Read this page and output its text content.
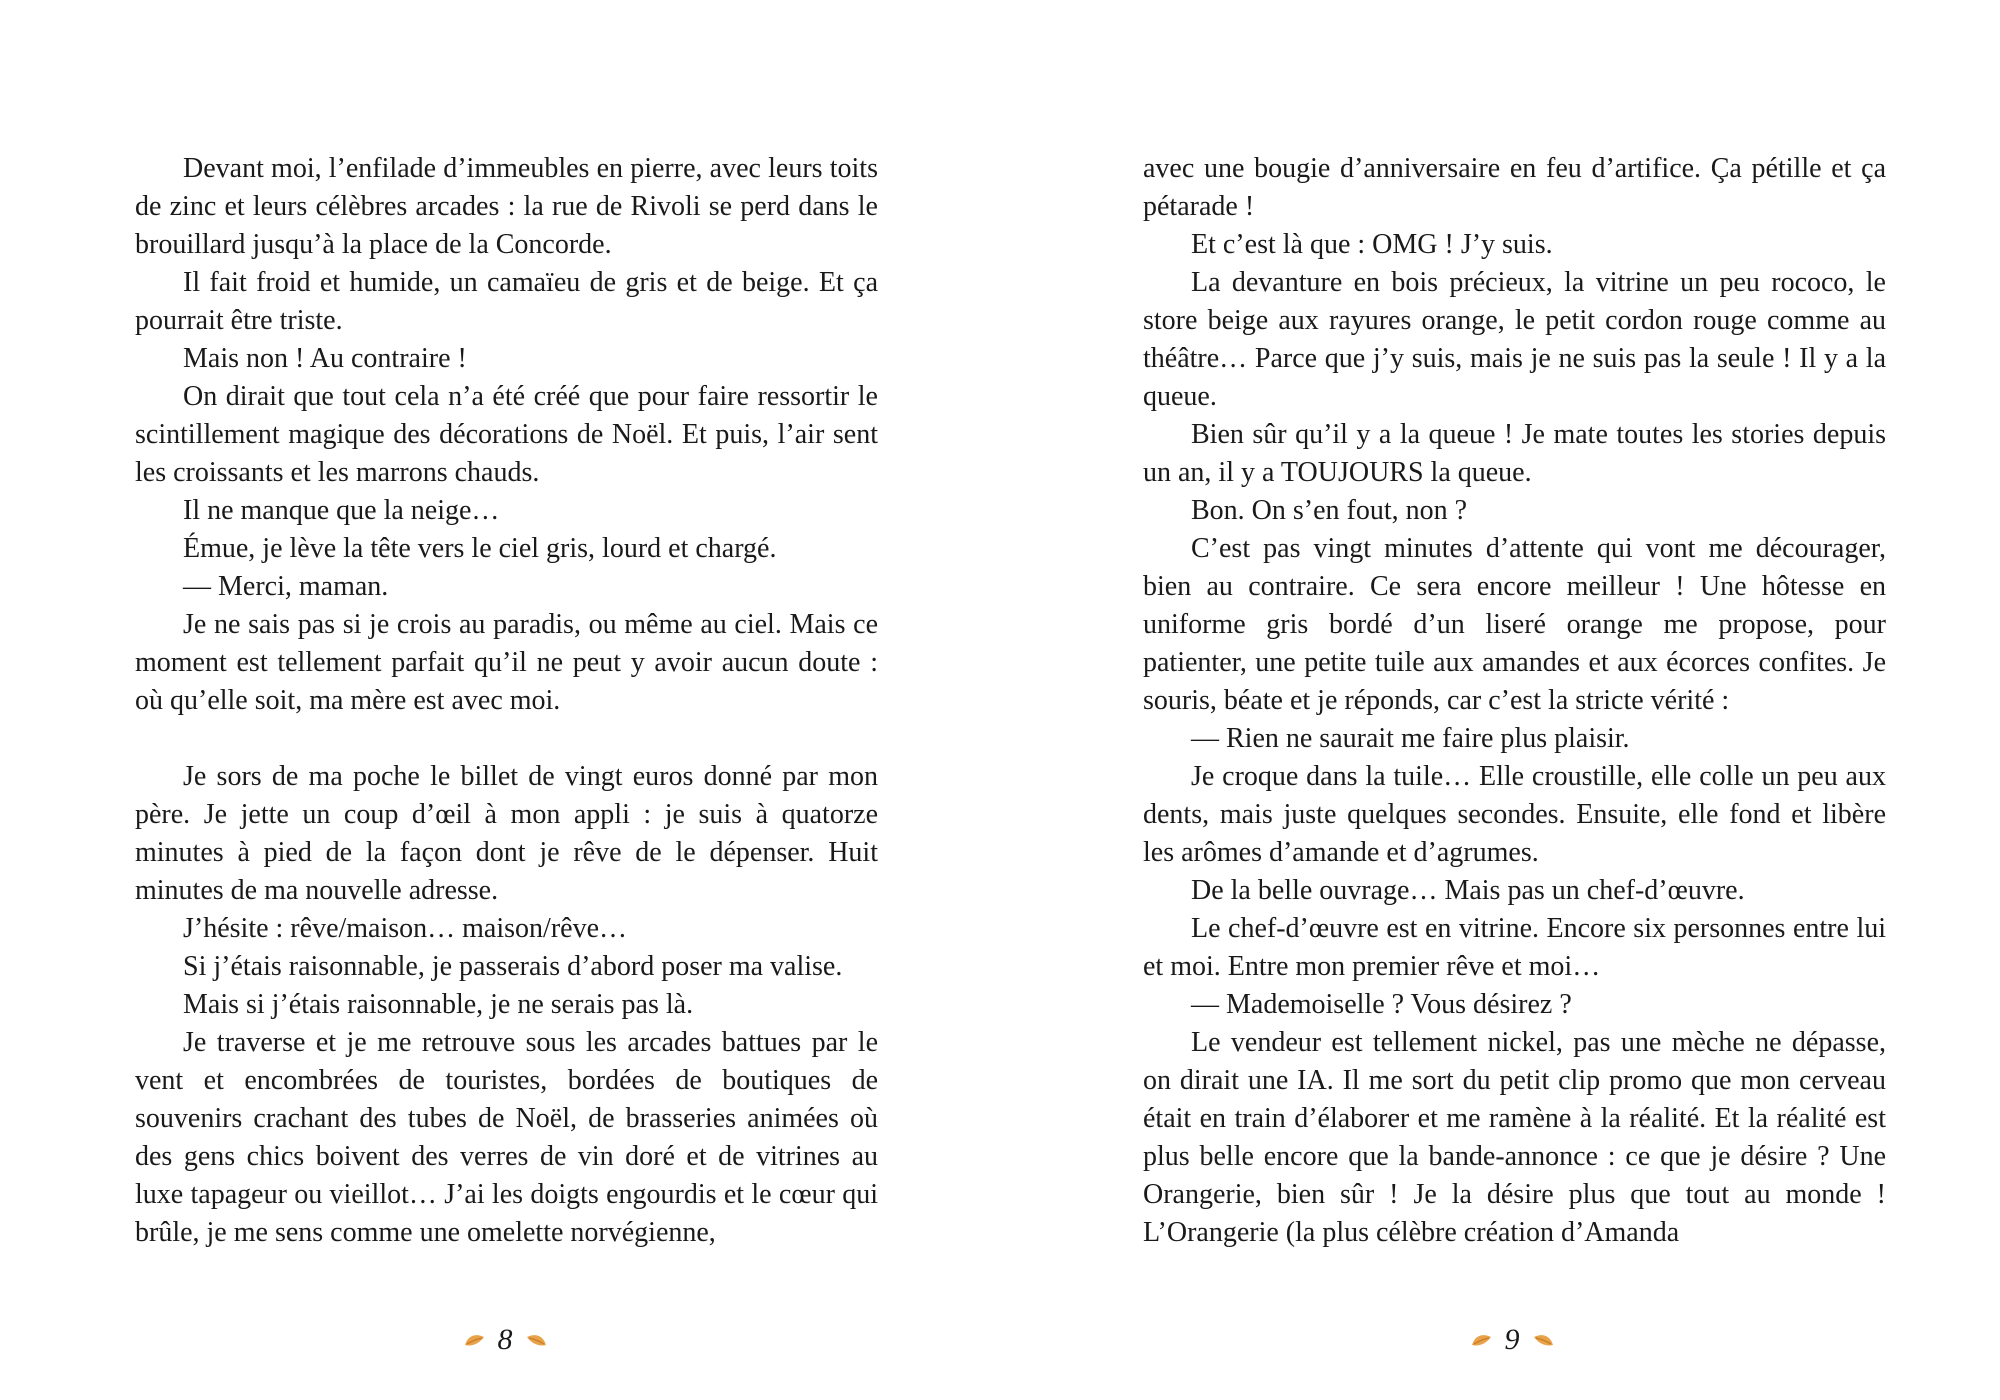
Devant moi, l’enfilade d’immeubles en pierre, avec leurs toits de zinc et leurs célèbres arcades : la rue de Rivoli se perd dans le brouillard jusqu’à la place de la Concorde.

Il fait froid et humide, un camaïeu de gris et de beige. Et ça pourrait être triste.

Mais non ! Au contraire !

On dirait que tout cela n’a été créé que pour faire ressortir le scintillement magique des décorations de Noël. Et puis, l’air sent les croissants et les marrons chauds.

Il ne manque que la neige…

Émue, je lève la tête vers le ciel gris, lourd et chargé.

— Merci, maman.

Je ne sais pas si je crois au paradis, ou même au ciel. Mais ce moment est tellement parfait qu’il ne peut y avoir aucun doute : où qu’elle soit, ma mère est avec moi.

Je sors de ma poche le billet de vingt euros donné par mon père. Je jette un coup d’œil à mon appli : je suis à quatorze minutes à pied de la façon dont je rêve de le dépenser. Huit minutes de ma nouvelle adresse.

J’hésite : rêve/maison… maison/rêve…

Si j’étais raisonnable, je passerais d’abord poser ma valise.

Mais si j’étais raisonnable, je ne serais pas là.

Je traverse et je me retrouve sous les arcades battues par le vent et encombrées de touristes, bordées de boutiques de souvenirs crachant des tubes de Noël, de brasseries animées où des gens chics boivent des verres de vin doré et de vitrines au luxe tapageur ou vieillot… J’ai les doigts engourdis et le cœur qui brûle, je me sens comme une omelette norvégienne,

8

avec une bougie d’anniversaire en feu d’artifice. Ça pétille et ça pétarade !

Et c’est là que : OMG ! J’y suis.

La devanture en bois précieux, la vitrine un peu rococo, le store beige aux rayures orange, le petit cordon rouge comme au théâtre… Parce que j’y suis, mais je ne suis pas la seule ! Il y a la queue.

Bien sûr qu’il y a la queue ! Je mate toutes les stories depuis un an, il y a TOUJOURS la queue.

Bon. On s’en fout, non ?

C’est pas vingt minutes d’attente qui vont me décourager, bien au contraire. Ce sera encore meilleur ! Une hôtesse en uniforme gris bordé d’un liseré orange me propose, pour patienter, une petite tuile aux amandes et aux écorces confites. Je souris, béate et je réponds, car c’est la stricte vérité :

— Rien ne saurait me faire plus plaisir.

Je croque dans la tuile… Elle croustille, elle colle un peu aux dents, mais juste quelques secondes. Ensuite, elle fond et libère les arômes d’amande et d’agrumes.

De la belle ouvrage… Mais pas un chef-d’œuvre.

Le chef-d’œuvre est en vitrine. Encore six personnes entre lui et moi. Entre mon premier rêve et moi…

— Mademoiselle ? Vous désirez ?

Le vendeur est tellement nickel, pas une mèche ne dépasse, on dirait une IA. Il me sort du petit clip promo que mon cerveau était en train d’élaborer et me ramène à la réalité. Et la réalité est plus belle encore que la bande-annonce : ce que je désire ? Une Orangerie, bien sûr ! Je la désire plus que tout au monde ! L’Orangerie (la plus célèbre création d’Amanda

9
